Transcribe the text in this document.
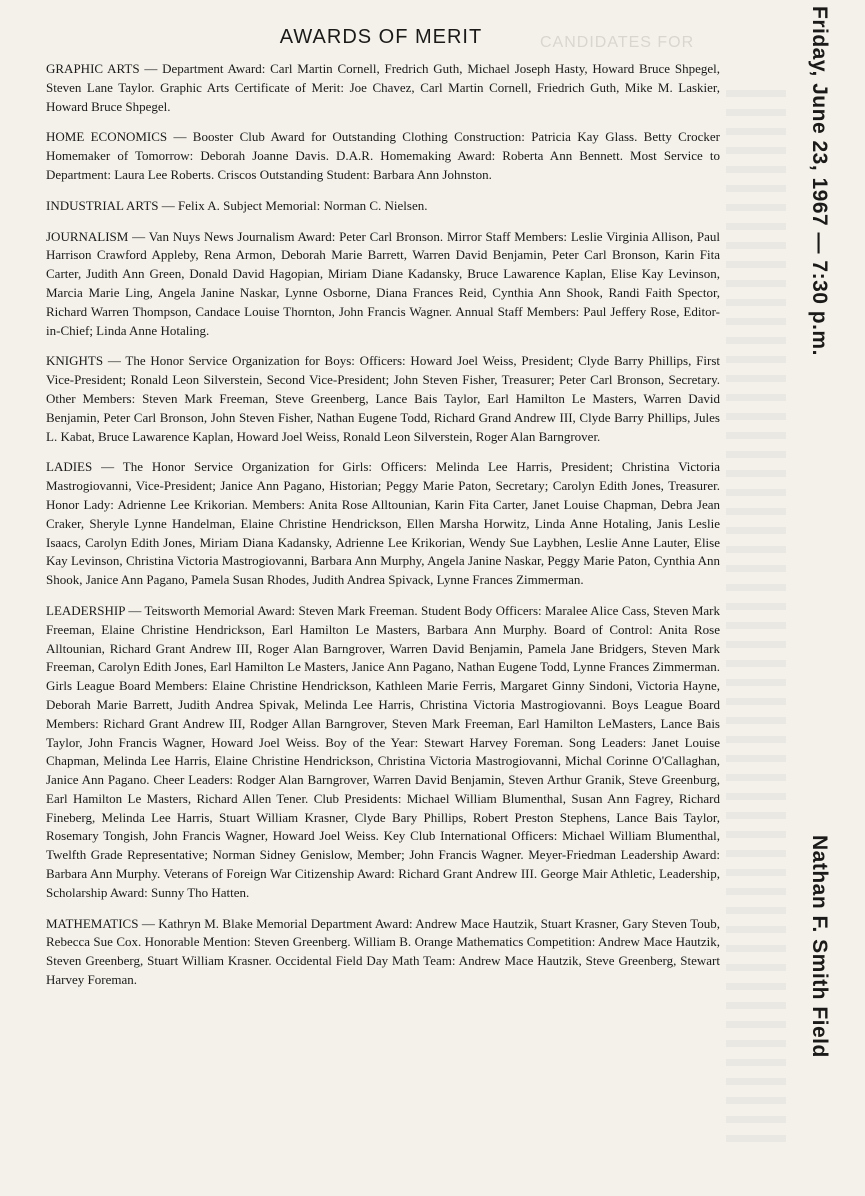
CANDIDATES FOR
AWARDS OF MERIT

GRAPHIC ARTS — Department Award: Carl Martin Cornell, Fredrich Guth, Michael Joseph Hasty, Howard Bruce Shpegel, Steven Lane Taylor. Graphic Arts Certificate of Merit: Joe Chavez, Carl Martin Cornell, Friedrich Guth, Mike M. Laskier, Howard Bruce Shpegel.

HOME ECONOMICS — Booster Club Award for Outstanding Clothing Construction: Patricia Kay Glass. Betty Crocker Homemaker of Tomorrow: Deborah Joanne Davis. D.A.R. Homemaking Award: Roberta Ann Bennett. Most Service to Department: Laura Lee Roberts. Criscos Outstanding Student: Barbara Ann Johnston.

INDUSTRIAL ARTS — Felix A. Subject Memorial: Norman C. Nielsen.

JOURNALISM — Van Nuys News Journalism Award: Peter Carl Bronson. Mirror Staff Members: Leslie Virginia Allison, Paul Harrison Crawford Appleby, Rena Armon, Deborah Marie Barrett, Warren David Benjamin, Peter Carl Bronson, Karin Fita Carter, Judith Ann Green, Donald David Hagopian, Miriam Diane Kadansky, Bruce Lawarence Kaplan, Elise Kay Levinson, Marcia Marie Ling, Angela Janine Naskar, Lynne Osborne, Diana Frances Reid, Cynthia Ann Shook, Randi Faith Spector, Richard Warren Thompson, Candace Louise Thornton, John Francis Wagner. Annual Staff Members: Paul Jeffery Rose, Editor-in-Chief; Linda Anne Hotaling.

KNIGHTS — The Honor Service Organization for Boys: Officers: Howard Joel Weiss, President; Clyde Barry Phillips, First Vice-President; Ronald Leon Silverstein, Second Vice-President; John Steven Fisher, Treasurer; Peter Carl Bronson, Secretary. Other Members: Steven Mark Freeman, Steve Greenberg, Lance Bais Taylor, Earl Hamilton Le Masters, Warren David Benjamin, Peter Carl Bronson, John Steven Fisher, Nathan Eugene Todd, Richard Grand Andrew III, Clyde Barry Phillips, Jules L. Kabat, Bruce Lawarence Kaplan, Howard Joel Weiss, Ronald Leon Silverstein, Roger Alan Barngrover.

LADIES — The Honor Service Organization for Girls: Officers: Melinda Lee Harris, President; Christina Victoria Mastrogiovanni, Vice-President; Janice Ann Pagano, Historian; Peggy Marie Paton, Secretary; Carolyn Edith Jones, Treasurer. Honor Lady: Adrienne Lee Krikorian. Members: Anita Rose Alltounian, Karin Fita Carter, Janet Louise Chapman, Debra Jean Craker, Sheryle Lynne Handelman, Elaine Christine Hendrickson, Ellen Marsha Horwitz, Linda Anne Hotaling, Janis Leslie Isaacs, Carolyn Edith Jones, Miriam Diana Kadansky, Adrienne Lee Krikorian, Wendy Sue Laybhen, Leslie Anne Lauter, Elise Kay Levinson, Christina Victoria Mastrogiovanni, Barbara Ann Murphy, Angela Janine Naskar, Peggy Marie Paton, Cynthia Ann Shook, Janice Ann Pagano, Pamela Susan Rhodes, Judith Andrea Spivack, Lynne Frances Zimmerman.

LEADERSHIP — Teitsworth Memorial Award: Steven Mark Freeman. Student Body Officers: Maralee Alice Cass, Steven Mark Freeman, Elaine Christine Hendrickson, Earl Hamilton Le Masters, Barbara Ann Murphy. Board of Control: Anita Rose Alltounian, Richard Grant Andrew III, Roger Alan Barngrover, Warren David Benjamin, Pamela Jane Bridgers, Steven Mark Freeman, Carolyn Edith Jones, Earl Hamilton Le Masters, Janice Ann Pagano, Nathan Eugene Todd, Lynne Frances Zimmerman. Girls League Board Members: Elaine Christine Hendrickson, Kathleen Marie Ferris, Margaret Ginny Sindoni, Victoria Hayne, Deborah Marie Barrett, Judith Andrea Spivak, Melinda Lee Harris, Christina Victoria Mastrogiovanni. Boys League Board Members: Richard Grant Andrew III, Rodger Allan Barngrover, Steven Mark Freeman, Earl Hamilton LeMasters, Lance Bais Taylor, John Francis Wagner, Howard Joel Weiss. Boy of the Year: Stewart Harvey Foreman. Song Leaders: Janet Louise Chapman, Melinda Lee Harris, Elaine Christine Hendrickson, Christina Victoria Mastrogiovanni, Michal Corinne O'Callaghan, Janice Ann Pagano. Cheer Leaders: Rodger Alan Barngrover, Warren David Benjamin, Steven Arthur Granik, Steve Greenburg, Earl Hamilton Le Masters, Richard Allen Tener. Club Presidents: Michael William Blumenthal, Susan Ann Fagrey, Richard Fineberg, Melinda Lee Harris, Stuart William Krasner, Clyde Bary Phillips, Robert Preston Stephens, Lance Bais Taylor, Rosemary Tongish, John Francis Wagner, Howard Joel Weiss. Key Club International Officers: Michael William Blumenthal, Twelfth Grade Representative; Norman Sidney Genislow, Member; John Francis Wagner. Meyer-Friedman Leadership Award: Barbara Ann Murphy. Veterans of Foreign War Citizenship Award: Richard Grant Andrew III. George Mair Athletic, Leadership, Scholarship Award: Sunny Tho Hatten.

MATHEMATICS — Kathryn M. Blake Memorial Department Award: Andrew Mace Hautzik, Stuart Krasner, Gary Steven Toub, Rebecca Sue Cox. Honorable Mention: Steven Greenberg. William B. Orange Mathematics Competition: Andrew Mace Hautzik, Steven Greenberg, Stuart William Krasner. Occidental Field Day Math Team: Andrew Mace Hautzik, Steve Greenberg, Stewart Harvey Foreman.

Friday, June 23, 1967 — 7:30 p.m.
Nathan F. Smith Field
